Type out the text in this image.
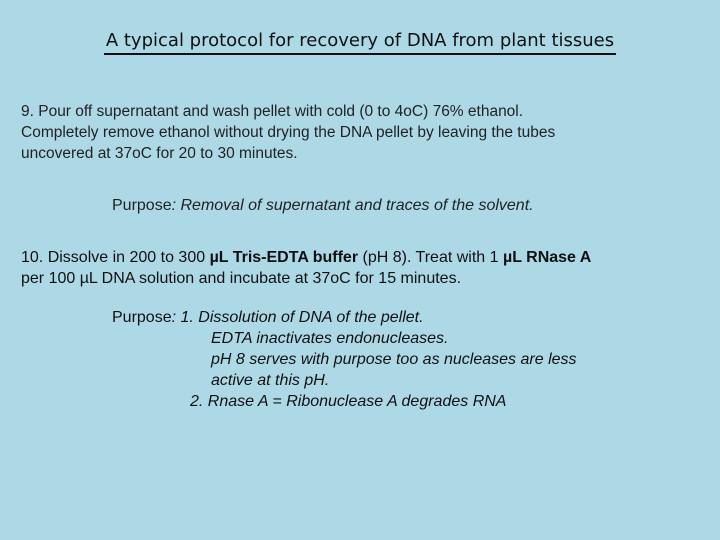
A typical protocol for recovery of DNA from plant tissues
9. Pour off supernatant and wash pellet with cold (0 to 4oC) 76% ethanol.
Completely remove ethanol without drying the DNA pellet by leaving the tubes
uncovered at 37oC for 20 to 30 minutes.
Purpose: Removal of supernatant and traces of the solvent.
10. Dissolve in 200 to 300 µL Tris-EDTA buffer (pH 8). Treat with 1 µL RNase A
per 100 µL DNA solution and incubate at 37oC for 15 minutes.
Purpose: 1. Dissolution of DNA of the pellet.
EDTA inactivates endonucleases.
pH 8 serves with purpose too as nucleases are less
active at this pH.
2. Rnase A = Ribonuclease A degrades RNA
